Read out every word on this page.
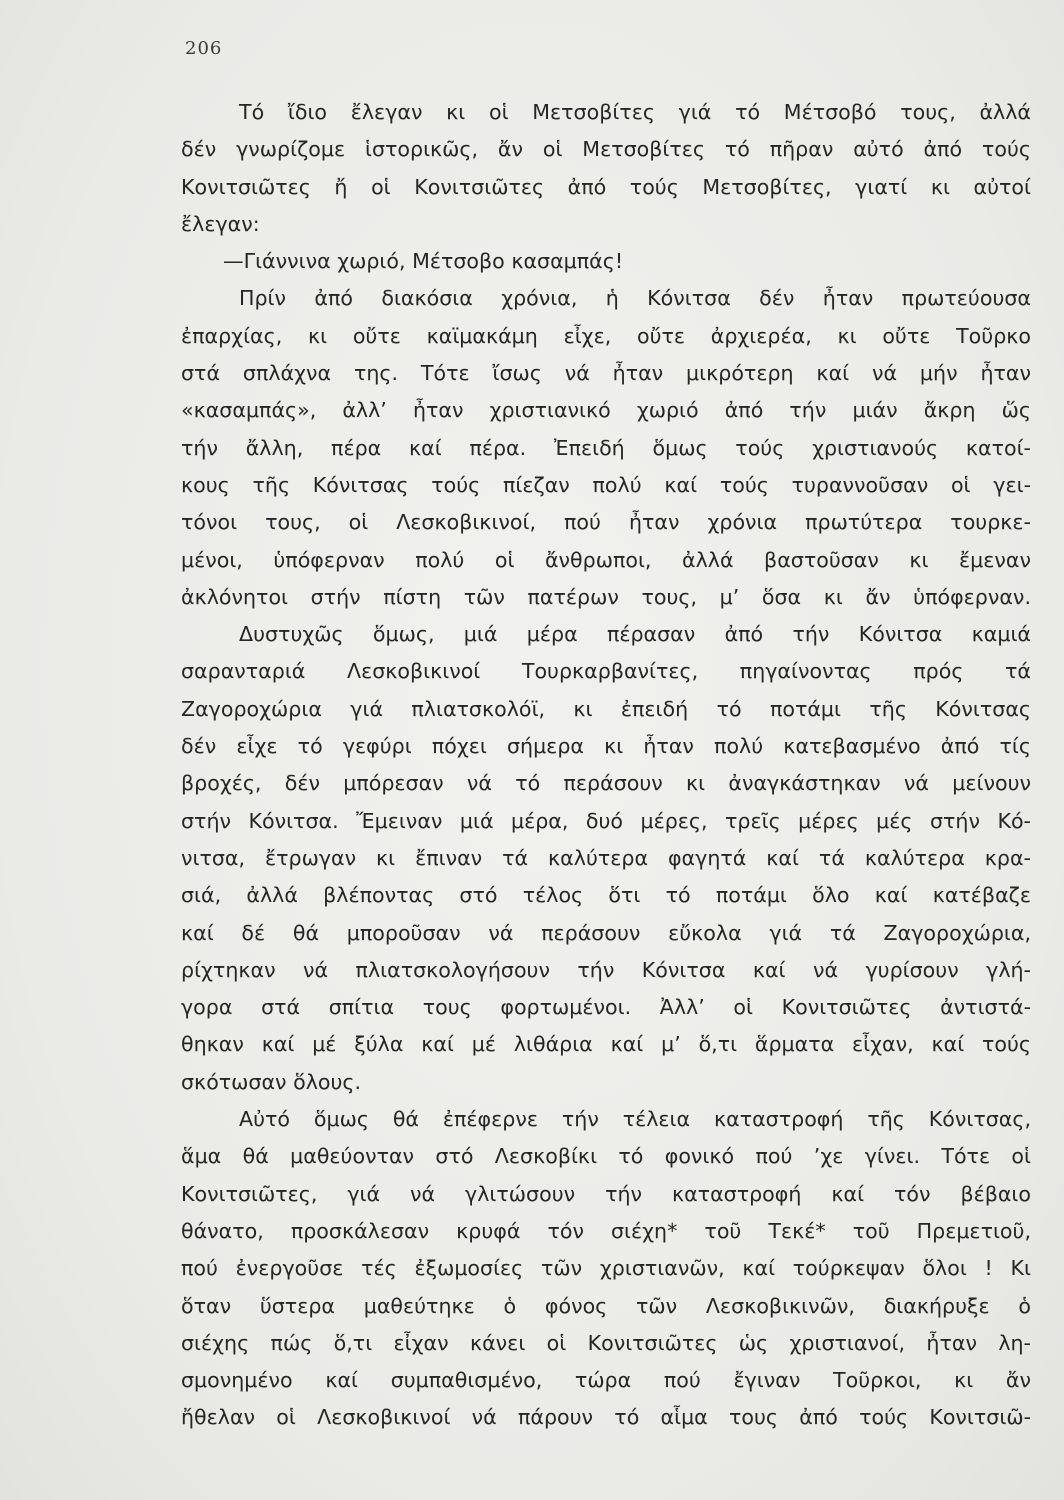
206
Τό ἴδιο ἔλεγαν κι οἱ Μετσοβίτες γιά τό Μέτσοβό τους, ἀλλά
δέν γνωρίζομε ἱστορικῶς, ἄν οἱ Μετσοβίτες τό πῆραν αὐτό ἀπό τούς
Κονιτσιῶτες ἤ οἱ Κονιτσιῶτες ἀπό τούς Μετσοβίτες, γιατί κι αὐτοί
ἔλεγαν:
—Γιάννινα χωριό, Μέτσοβο κασαμπάς!
Πρίν ἀπό διακόσια χρόνια, ἡ Κόνιτσα δέν ἦταν πρωτεύουσα
ἐπαρχίας, κι οὔτε καϊμακάμη εἶχε, οὔτε ἀρχιερέα, κι οὔτε Τοῦρκο
στά σπλάχνα της. Τότε ἴσως νά ἦταν μικρότερη καί νά μήν ἦταν
«κασαμπάς», ἀλλ’ ἦταν χριστιανικό χωριό ἀπό τήν μιάν ἄκρη ὥς
τήν ἄλλη, πέρα καί πέρα. Ἐπειδή ὅμως τούς χριστιανούς κατοί-
κους τῆς Κόνιτσας τούς πίεζαν πολύ καί τούς τυραννοῦσαν οἱ γει-
τόνοι τους, οἱ Λεσκοβικινοί, πού ἦταν χρόνια πρωτύτερα τουρκε-
μένοι, ὑπόφερναν πολύ οἱ ἄνθρωποι, ἀλλά βαστοῦσαν κι ἔμεναν
ἀκλόνητοι στήν πίστη τῶν πατέρων τους, μ’ ὅσα κι ἄν ὑπόφερναν.
Δυστυχῶς ὅμως, μιά μέρα πέρασαν ἀπό τήν Κόνιτσα καμιά
σαρανταριά Λεσκοβικινοί Τουρκαρβανίτες, πηγαίνοντας πρός τά
Ζαγοροχώρια γιά πλιατσκολόϊ, κι ἐπειδή τό ποτάμι τῆς Κόνιτσας
δέν εἶχε τό γεφύρι πόχει σήμερα κι ἦταν πολύ κατεβασμένο ἀπό τίς
βροχές, δέν μπόρεσαν νά τό περάσουν κι ἀναγκάστηκαν νά μείνουν
στήν Κόνιτσα. Ἔμειναν μιά μέρα, δυό μέρες, τρεῖς μέρες μές στήν Κό-
νιτσα, ἔτρωγαν κι ἔπιναν τά καλύτερα φαγητά καί τά καλύτερα κρα-
σιά, ἀλλά βλέποντας στό τέλος ὅτι τό ποτάμι ὅλο καί κατέβαζε
καί δέ θά μποροῦσαν νά περάσουν εὔκολα γιά τά Ζαγοροχώρια,
ρίχτηκαν νά πλιατσκολογήσουν τήν Κόνιτσα καί νά γυρίσουν γλή-
γορα στά σπίτια τους φορτωμένοι. Ἀλλ’ οἱ Κονιτσιῶτες ἀντιστά-
θηκαν καί μέ ξύλα καί μέ λιθάρια καί μ’ ὅ,τι ἅρματα εἶχαν, καί τούς
σκότωσαν ὅλους.
Αὐτό ὅμως θά ἐπέφερνε τήν τέλεια καταστροφή τῆς Κόνιτσας,
ἅμα θά μαθεύονταν στό Λεσκοβίκι τό φονικό πού ’χε γίνει. Τότε οἱ
Κονιτσιῶτες, γιά νά γλιτώσουν τήν καταστροφή καί τόν βέβαιο
θάνατο, προσκάλεσαν κρυφά τόν σιέχη* τοῦ Τεκέ* τοῦ Πρεμετιοῦ,
πού ἐνεργοῦσε τές ἐξωμοσίες τῶν χριστιανῶν, καί τούρκεψαν ὅλοι ! Κι
ὅταν ὕστερα μαθεύτηκε ὁ φόνος τῶν Λεσκοβικινῶν, διακήρυξε ὁ
σιέχης πώς ὅ,τι εἶχαν κάνει οἱ Κονιτσιῶτες ὡς χριστιανοί, ἦταν λη-
σμονημένο καί συμπαθισμένο, τώρα πού ἔγιναν Τοῦρκοι, κι ἄν
ἤθελαν οἱ Λεσκοβικινοί νά πάρουν τό αἷμα τους ἀπό τούς Κονιτσιῶ-
